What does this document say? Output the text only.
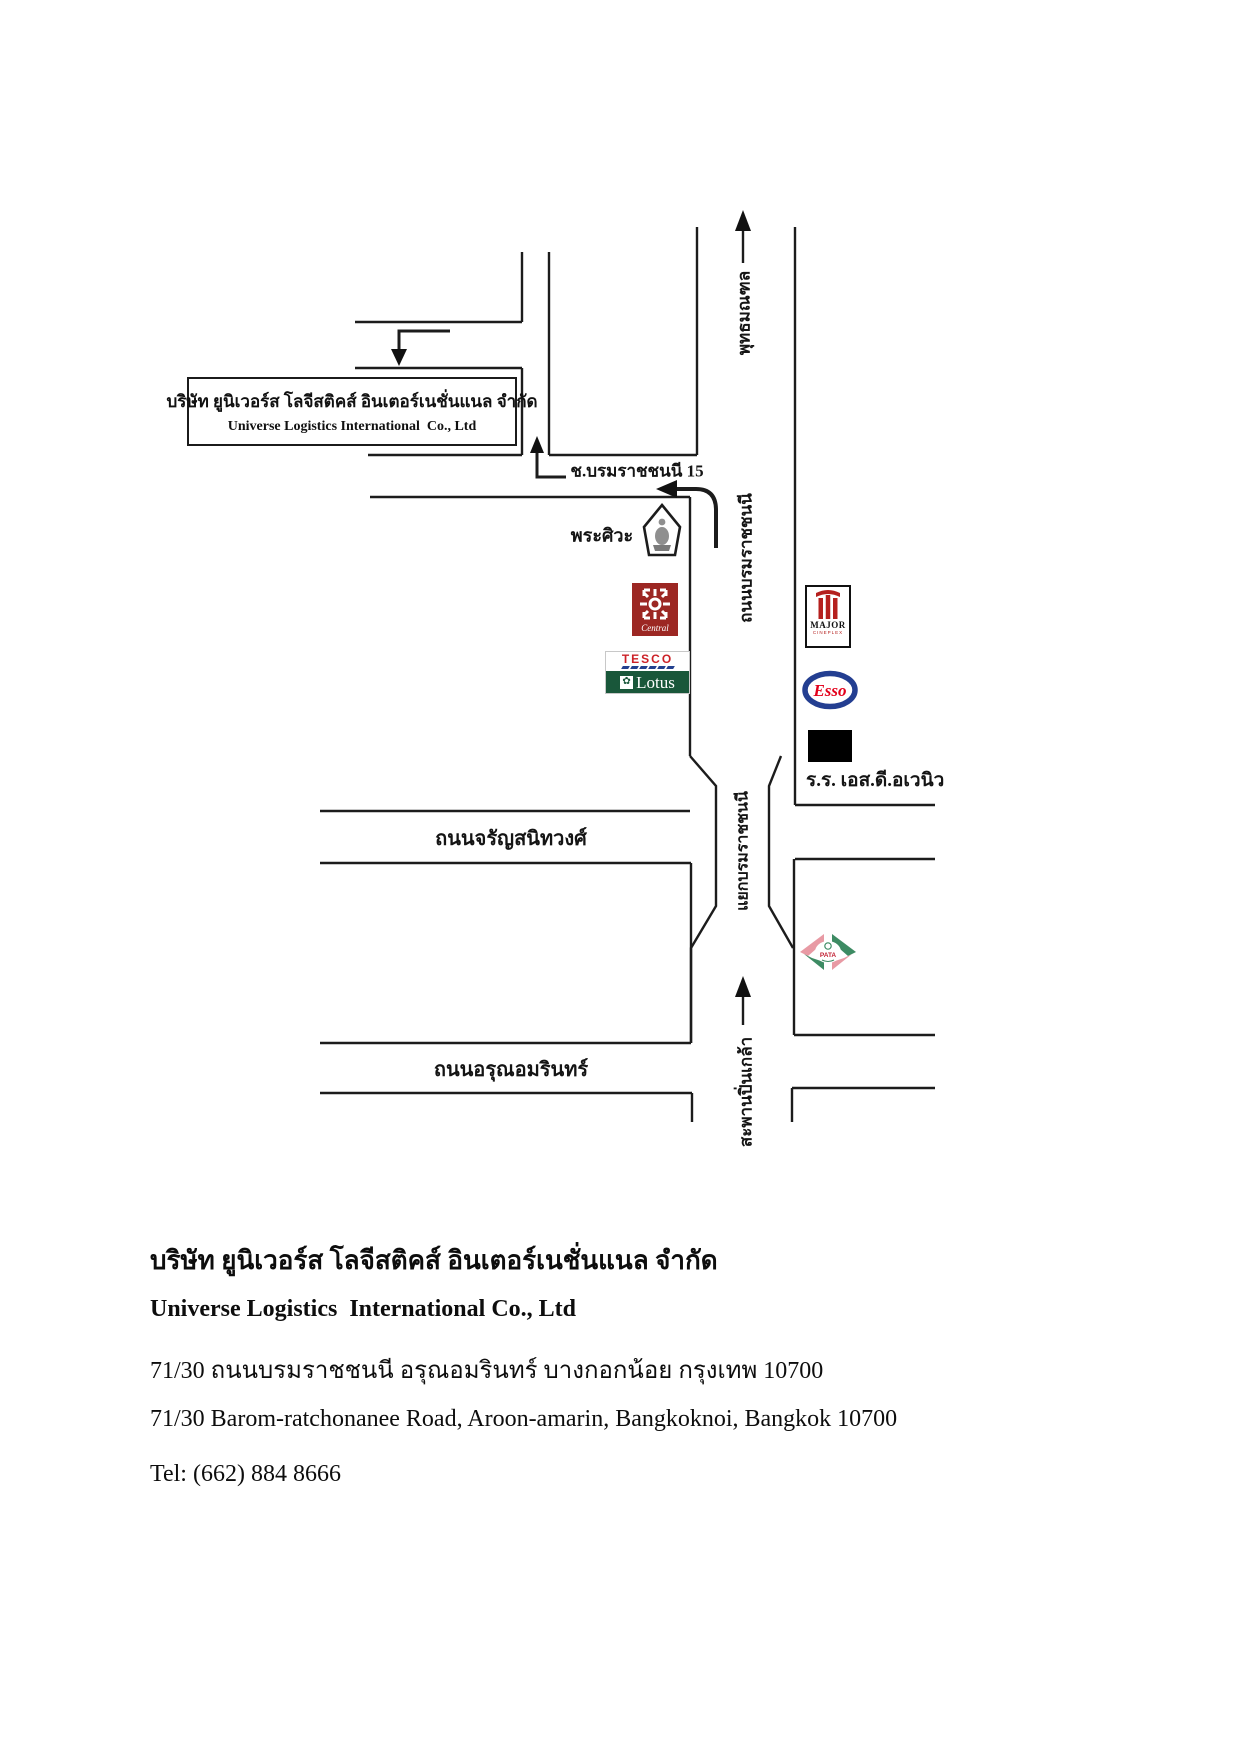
บริษัท ยูนิเวอร์ส โลจีสติคส์ อินเตอร์เนชั่นแนล จำกัด
Universe Logistics International  Co., Ltd
พุทธมณฑล
ช.บรมราชชนนี 15
ถนนบรมราชชนนี
พระศิวะ
แยกบรมราชชนนี
ถนนจรัญสนิทวงศ์
ร.ร. เอส.ดี.อเวนิว
ถนนอรุณอมรินทร์	สะพานปิ่นเกล้า
Central
TESCO
✿ Lotus
MAJOR
CINEPLEX
Esso
PATA
บริษัท ยูนิเวอร์ส โลจีสติคส์ อินเตอร์เนชั่นแนล จำกัด
Universe Logistics  International Co., Ltd
71/30 ถนนบรมราชชนนี อรุณอมรินทร์ บางกอกน้อย กรุงเทพ 10700
71/30 Barom-ratchonanee Road, Aroon-amarin, Bangkoknoi, Bangkok 10700
Tel: (662) 884 8666
